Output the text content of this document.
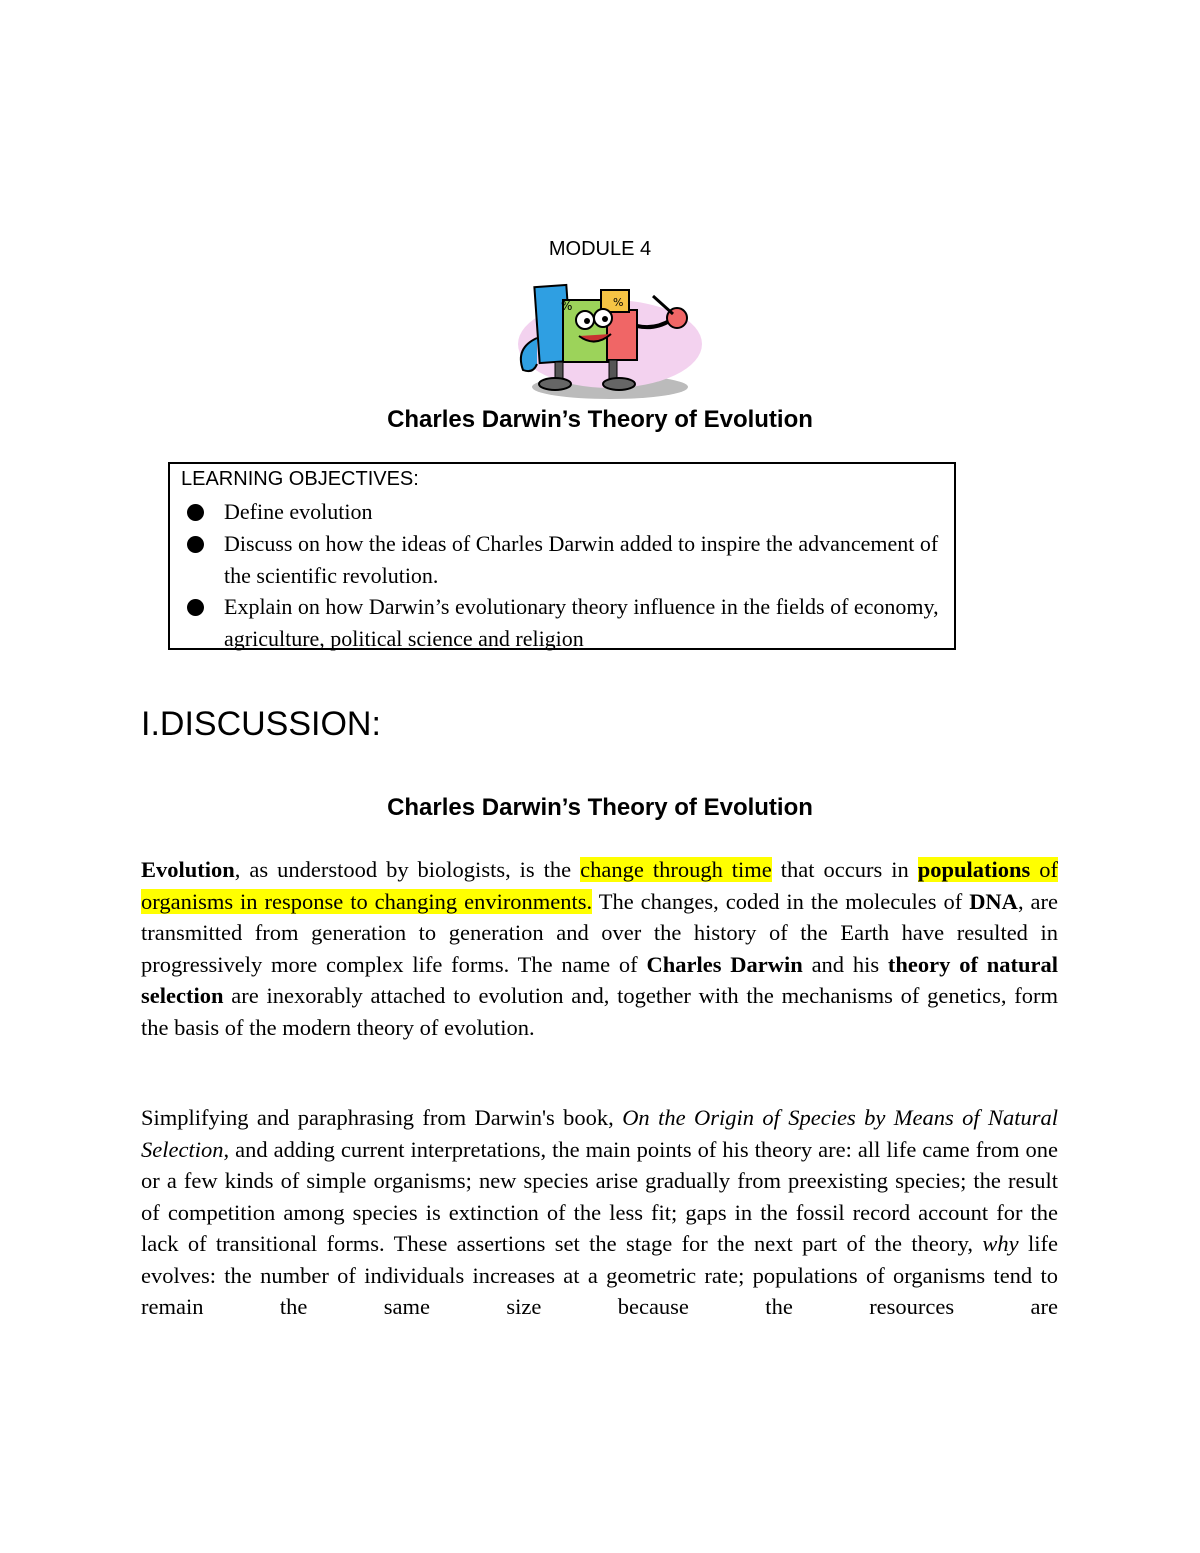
MODULE 4
%	%
Charles Darwin’s Theory of Evolution
LEARNING OBJECTIVES:
Define evolution
Discuss on how the ideas of Charles Darwin added to inspire the advancement of the scientific revolution.
Explain on how Darwin’s evolutionary theory influence in the fields of economy, agriculture, political science and religion
I.DISCUSSION:
Charles Darwin’s Theory of Evolution

Evolution, as understood by biologists, is the change through time that occurs in populations of organisms in response to changing environments. The changes, coded in the molecules of DNA, are transmitted from generation to generation and over the history of the Earth have resulted in progressively more complex life forms. The name of Charles Darwin and his theory of natural selection are inexorably attached to evolution and, together with the mechanisms of genetics, form the basis of the modern theory of evolution.

Simplifying and paraphrasing from Darwin's book, On the Origin of Species by Means of Natural Selection, and adding current interpretations, the main points of his theory are: all life came from one or a few kinds of simple organisms; new species arise gradually from preexisting species; the result of competition among species is extinction of the less fit; gaps in the fossil record account for the lack of transitional forms. These assertions set the stage for the next part of the theory, why life evolves: the number of individuals increases at a geometric rate; populations of organisms tend to remain the same size because the resources are
